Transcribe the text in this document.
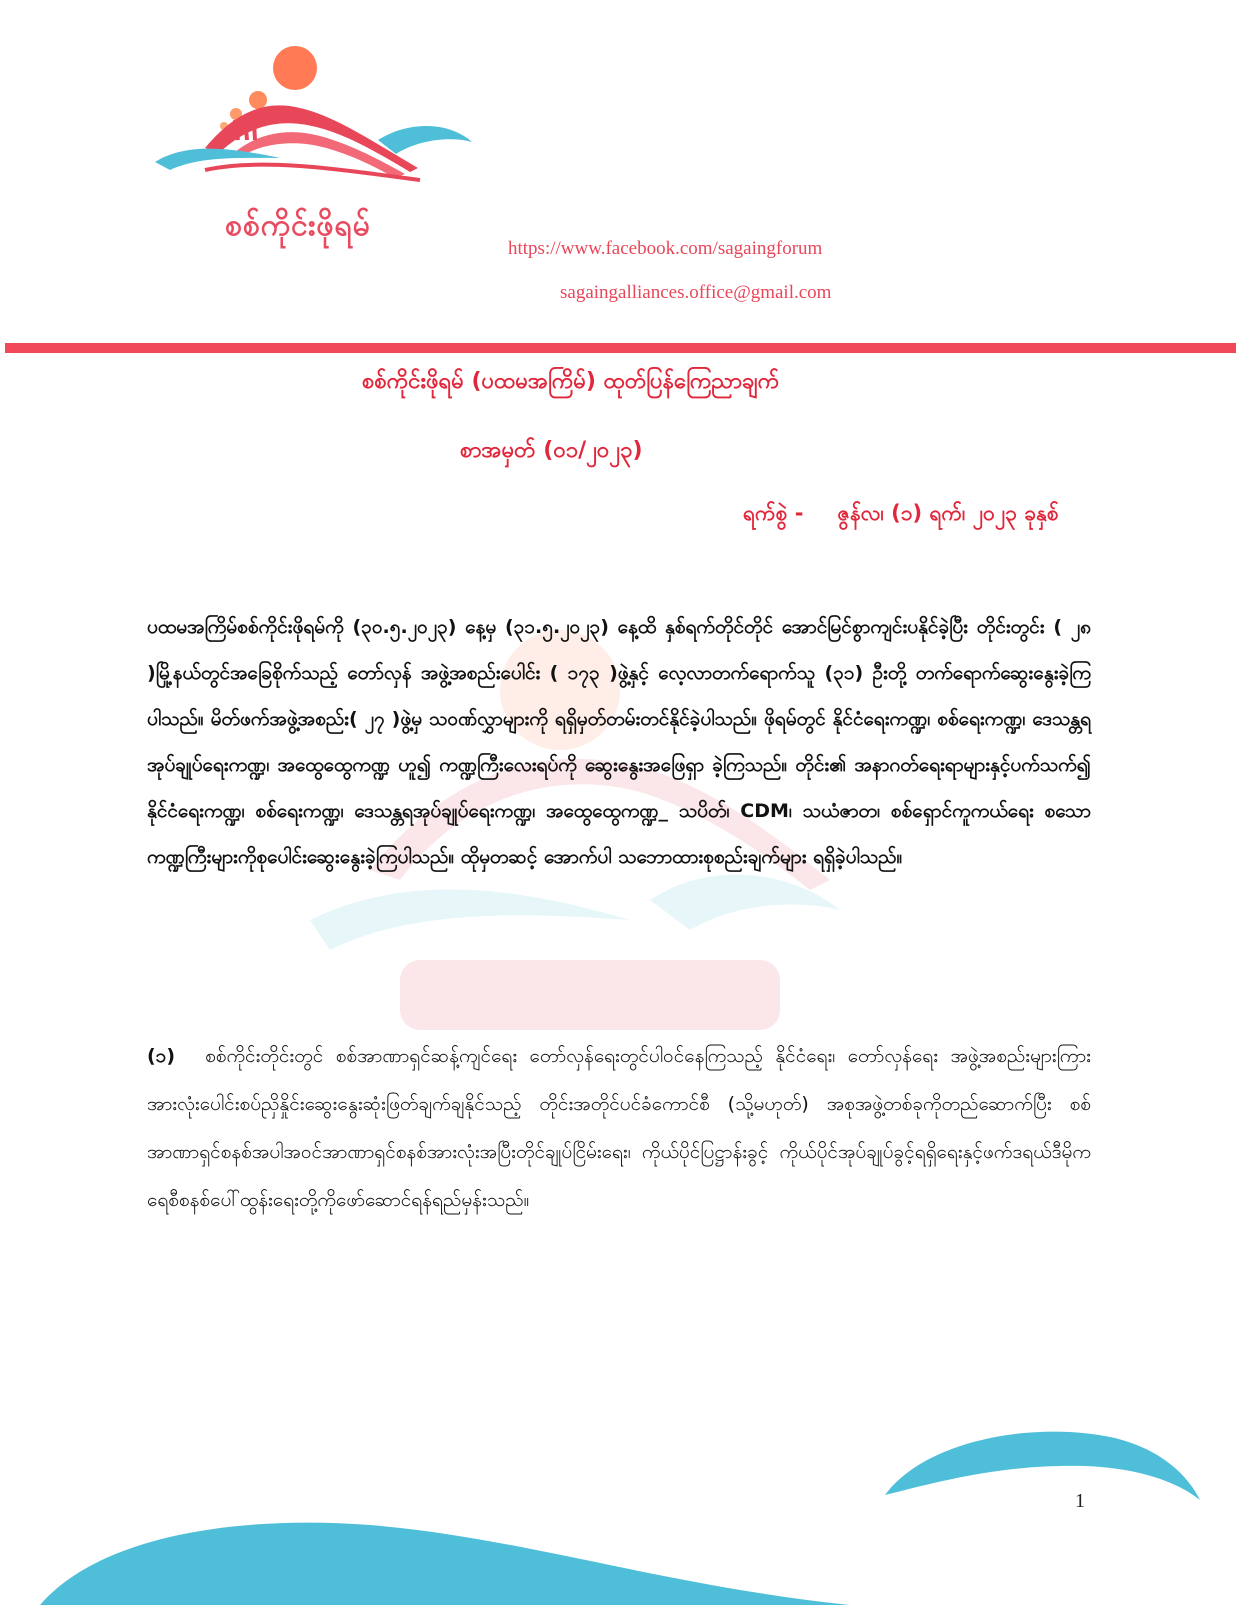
စစ်ကိုင်းဖိုရမ်
https://www.facebook.com/sagaingforum
sagaingalliances.office@gmail.com
စစ်ကိုင်းဖိုရမ် (ပထမအကြိမ်) ထုတ်ပြန်ကြေညာချက်
စာအမှတ် (၀၁/၂၀၂၃)
ရက်စွဲ - ဇွန်လ၊ (၁) ရက်၊ ၂၀၂၃ ခုနှစ်
ပထမအကြိမ်စစ်ကိုင်းဖိုရမ်ကို (၃၀.၅.၂၀၂၃) နေ့မှ (၃၁.၅.၂၀၂၃) နေ့ထိ နှစ်ရက်တိုင်တိုင် အောင်မြင်စွာကျင်းပနိုင်ခဲ့ပြီး တိုင်းတွင်း ( ၂၈ )မြို့နယ်တွင်အခြေစိုက်သည့် တော်လှန် အဖွဲ့အစည်းပေါင်း ( ၁၇၃ )ဖွဲ့နှင့် လေ့လာတက်ရောက်သူ (၃၁) ဦးတို့ တက်ရောက်ဆွေးနွေးခဲ့ကြပါသည်။ မိတ်ဖက်အဖွဲ့အစည်း( ၂၇ )ဖွဲ့မှ သဝဏ်လွှာများကို ရရှိမှတ်တမ်းတင်နိုင်ခဲ့ပါသည်။ ဖိုရမ်တွင် နိုင်ငံရေးကဏ္ဍ၊ စစ်ရေးကဏ္ဍ၊ ဒေသန္တရအုပ်ချုပ်ရေးကဏ္ဍ၊ အထွေထွေကဏ္ဍ ဟူ၍ ကဏ္ဍကြီးလေးရပ်ကို ဆွေးနွေးအဖြေရှာ ခဲ့ကြသည်။ တိုင်း၏ အနာဂတ်ရေးရာများနှင့်ပက်သက်၍ နိုင်ငံရေးကဏ္ဍ၊ စစ်ရေးကဏ္ဍ၊ ဒေသန္တရအုပ်ချုပ်ရေးကဏ္ဍ၊ အထွေထွေကဏ္ဍ_ သပိတ်၊ CDM၊ သယံဇာတ၊ စစ်ရှောင်ကူကယ်ရေး စသော ကဏ္ဍကြီးများကိုစုပေါင်းဆွေးနွေးခဲ့ကြပါသည်။ ထိုမှတဆင့် အောက်ပါ သဘောထားစုစည်းချက်များ ရရှိခဲ့ပါသည်။
(၁) စစ်ကိုင်းတိုင်းတွင် စစ်အာဏာရှင်ဆန့်ကျင်ရေး တော်လှန်ရေးတွင်ပါဝင်နေကြသည့် နိုင်ငံရေး၊ တော်လှန်ရေး အဖွဲ့အစည်းများကြား အားလုံးပေါင်းစပ်ညှိနှိုင်းဆွေးနွေးဆုံးဖြတ်ချက်ချနိုင်သည့် တိုင်းအတိုင်ပင်ခံကောင်စီ (သို့မဟုတ်) အစုအဖွဲ့တစ်ခုကိုတည်ဆောက်ပြီး စစ်အာဏာရှင်စနစ်အပါအဝင်အာဏာရှင်စနစ်အားလုံးအပြီးတိုင်ချုပ်ငြိမ်းရေး၊ ကိုယ်ပိုင်ပြဋ္ဌာန်းခွင့် ကိုယ်ပိုင်အုပ်ချုပ်ခွင့်ရရှိရေးနှင့်ဖက်ဒရယ်ဒီမိုကရေစီစနစ်ပေါ်ထွန်းရေးတို့ကိုဖော်ဆောင်ရန်ရည်မှန်းသည်။
1
